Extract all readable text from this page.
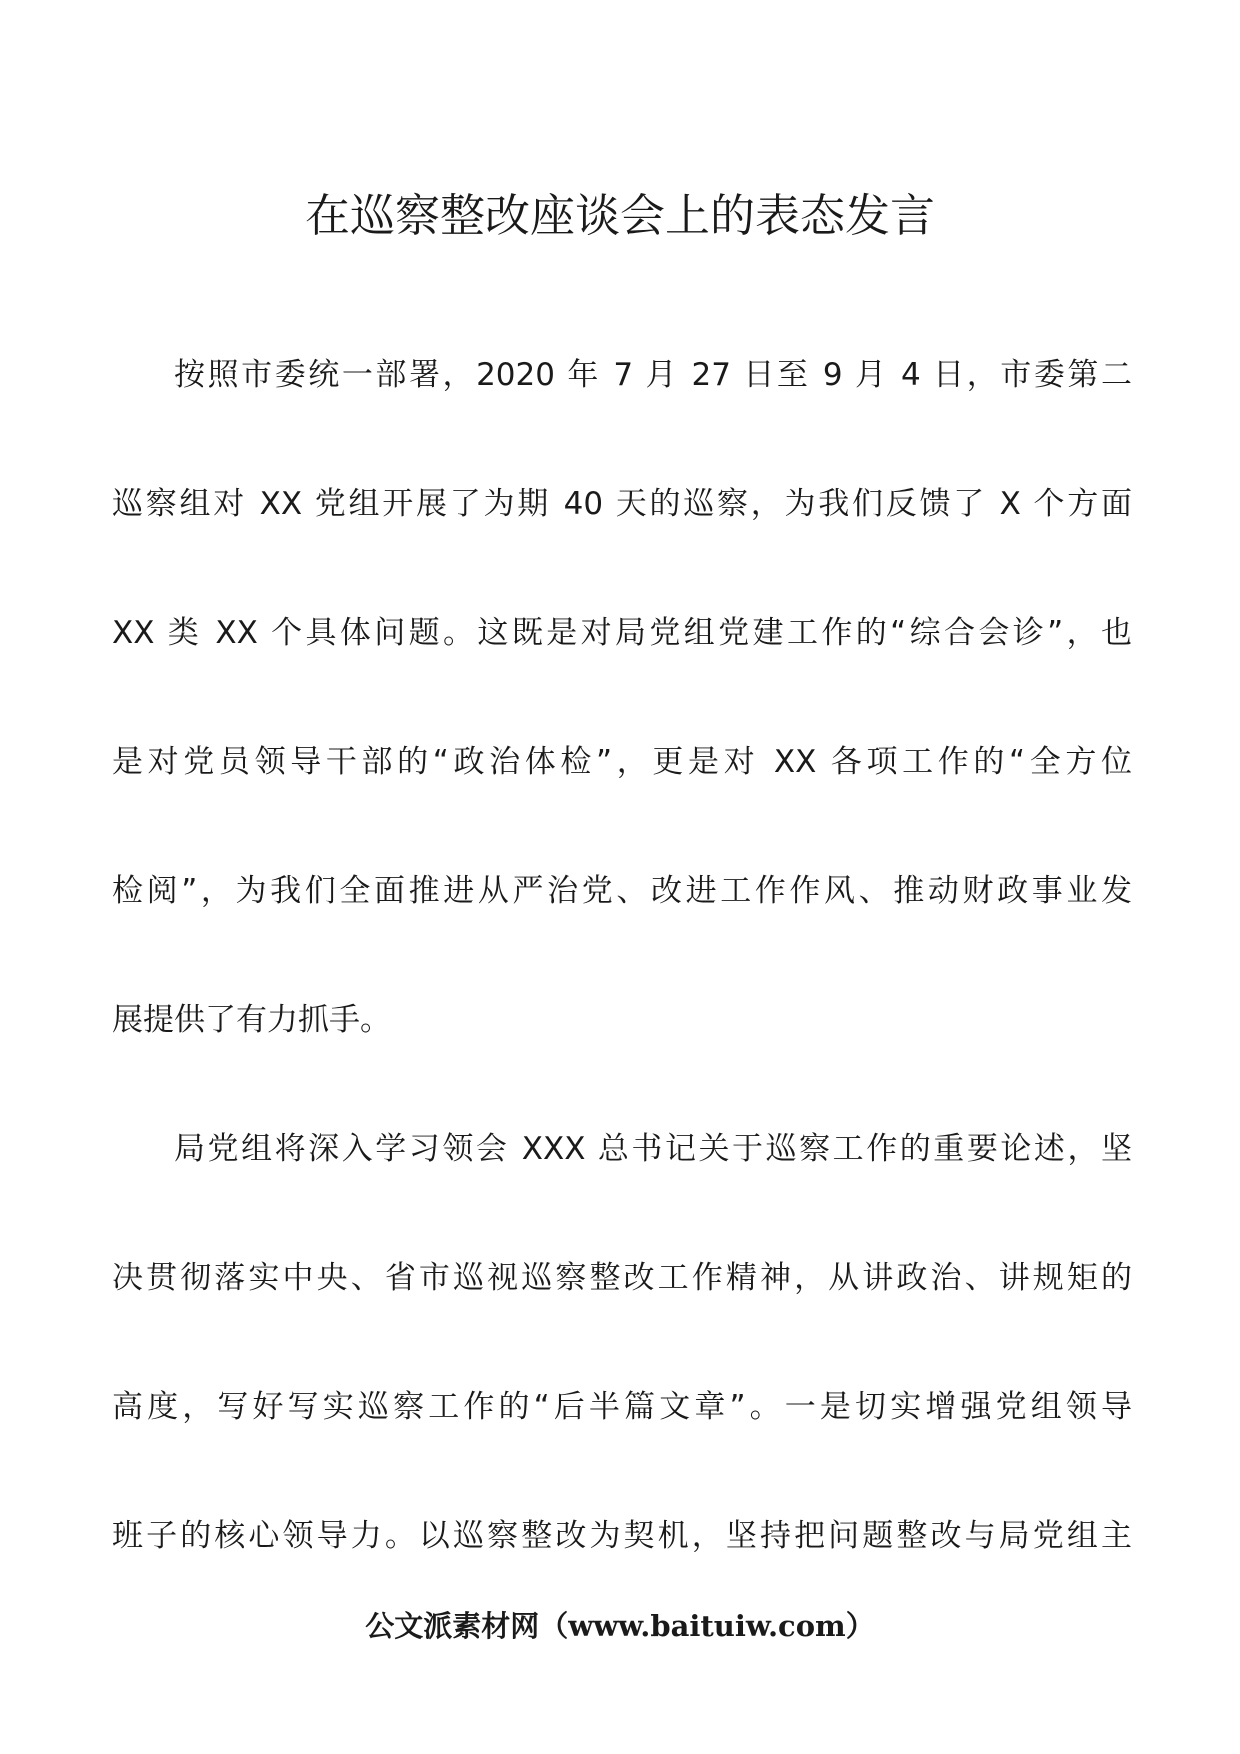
在巡察整改座谈会上的表态发言
按照市委统一部署，2020 年 7 月 27 日至 9 月 4 日，市委第二
巡察组对 XX 党组开展了为期 40 天的巡察，为我们反馈了 X 个方面
XX 类 XX 个具体问题。这既是对局党组党建工作的“综合会诊”，也
是对党员领导干部的“政治体检”，更是对 XX 各项工作的“全方位
检阅”，为我们全面推进从严治党、改进工作作风、推动财政事业发
展提供了有力抓手。
局党组将深入学习领会 XXX 总书记关于巡察工作的重要论述，坚
决贯彻落实中央、省市巡视巡察整改工作精神，从讲政治、讲规矩的
高度，写好写实巡察工作的“后半篇文章”。一是切实增强党组领导
班子的核心领导力。以巡察整改为契机，坚持把问题整改与局党组主
公文派素材网（www.baituiw.com）
